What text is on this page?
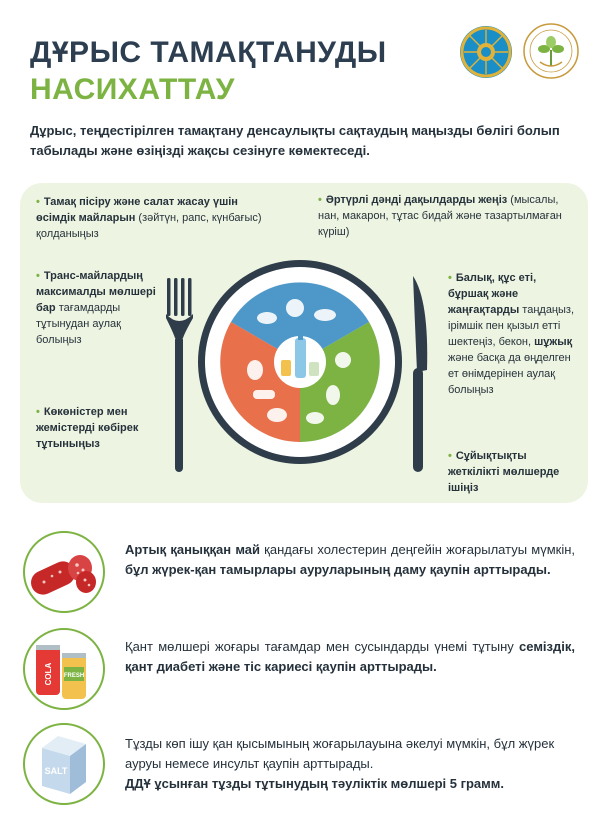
ДҰРЫС ТАМАҚТАНУДЫ
НАСИХАТТАУ
Дұрыс, теңдестірілген тамақтану денсаулықты сақтаудың маңызды бөлігі болып табылады және өзіңізді жақсы сезінуге көмектеседі.
• Тамақ пісіру және салат жасау үшін өсімдік майларын (зәйтүн, рапс, күнбағыс) қолданыңыз
• Әртүрлі дәнді дақылдарды жеңіз (мысалы, нан, макарон, тұтас бидай және тазартылмаған күріш)
• Транс-майлардың максималды мөлшері бар тағамдарды тұтынудан аулақ болыңыз
• Балық, құс еті, бұршақ және жаңғақтарды таңдаңыз, ірімшік пен қызыл етті шектеңіз, бекон, шұжық және басқа да өңделген ет өнімдерінен аулақ болыңыз
• Көкөністер мен жемістерді көбірек тұтыныңыз
• Сұйықтықты жеткілікті мөлшерде ішіңіз
Артық қаныққан май қандағы холестерин деңгейін жоғарылатуы мүмкін, бұл жүрек-қан тамырлары ауруларының даму қаупін арттырады.
COLA FRESH
Қант мөлшері жоғары тағамдар мен сусындарды үнемі тұтыну семіздік, қант диабеті және тіс кариесі қаупін арттырады.
SALT
Тұзды көп ішу қан қысымының жоғарылауына әкелуі мүмкін, бұл жүрек ауруы немесе инсульт қаупін арттырады.
ДДҰ ұсынған тұзды тұтынудың тәуліктік мөлшері 5 грамм.
